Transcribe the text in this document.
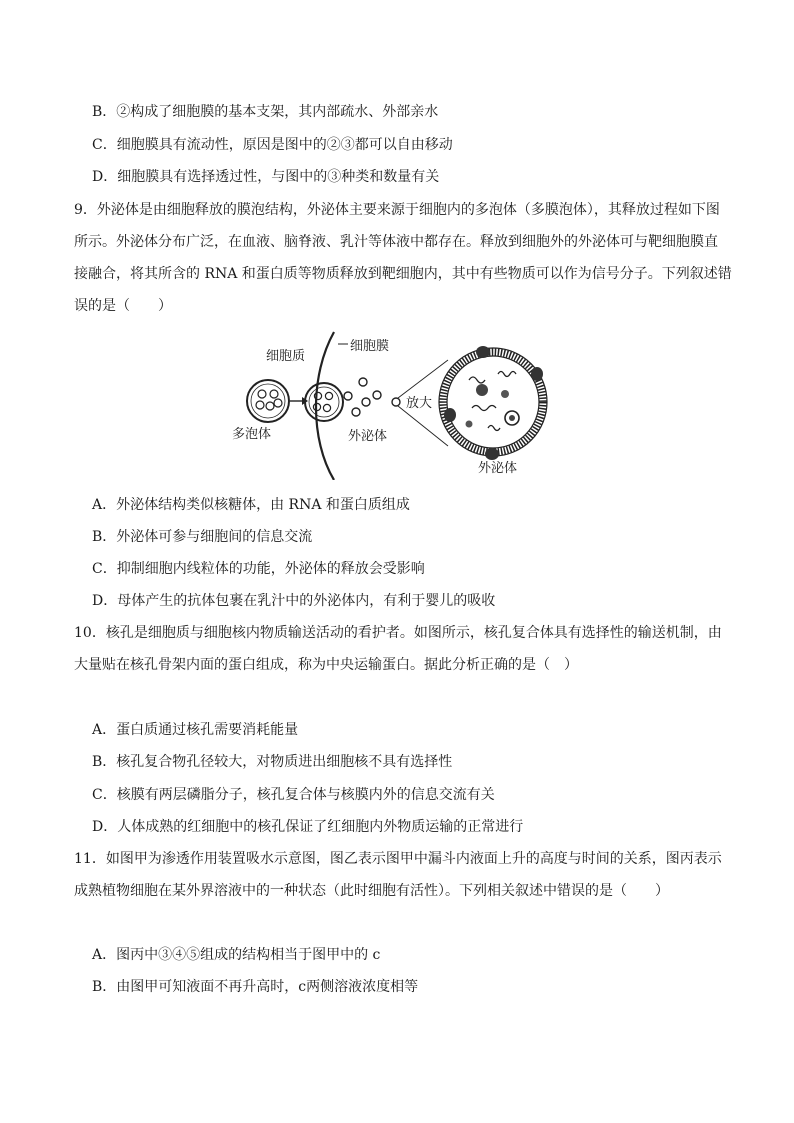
B．②构成了细胞膜的基本支架，其内部疏水、外部亲水
C．细胞膜具有流动性，原因是图中的②③都可以自由移动
D．细胞膜具有选择透过性，与图中的③种类和数量有关
9．外泌体是由细胞释放的膜泡结构，外泌体主要来源于细胞内的多泡体（多膜泡体），其释放过程如下图
所示。外泌体分布广泛，在血液、脑脊液、乳汁等体液中都存在。释放到细胞外的外泌体可与靶细胞膜直
接融合，将其所含的 RNA 和蛋白质等物质释放到靶细胞内，其中有些物质可以作为信号分子。下列叙述错
误的是（　　）
细胞质
细胞膜
多泡体	外泌体
放大
外泌体
A．外泌体结构类似核糖体，由 RNA 和蛋白质组成
B．外泌体可参与细胞间的信息交流
C．抑制细胞内线粒体的功能，外泌体的释放会受影响
D．母体产生的抗体包裹在乳汁中的外泌体内，有利于婴儿的吸收
10．核孔是细胞质与细胞核内物质输送活动的看护者。如图所示，核孔复合体具有选择性的输送机制，由
大量贴在核孔骨架内面的蛋白组成，称为中央运输蛋白。据此分析正确的是（　）
A．蛋白质通过核孔需要消耗能量
B．核孔复合物孔径较大，对物质进出细胞核不具有选择性
C．核膜有两层磷脂分子，核孔复合体与核膜内外的信息交流有关
D．人体成熟的红细胞中的核孔保证了红细胞内外物质运输的正常进行
11．如图甲为渗透作用装置吸水示意图，图乙表示图甲中漏斗内液面上升的高度与时间的关系，图丙表示
成熟植物细胞在某外界溶液中的一种状态（此时细胞有活性）。下列相关叙述中错误的是（　　）
A．图丙中③④⑤组成的结构相当于图甲中的 c
B．由图甲可知液面不再升高时，c两侧溶液浓度相等
